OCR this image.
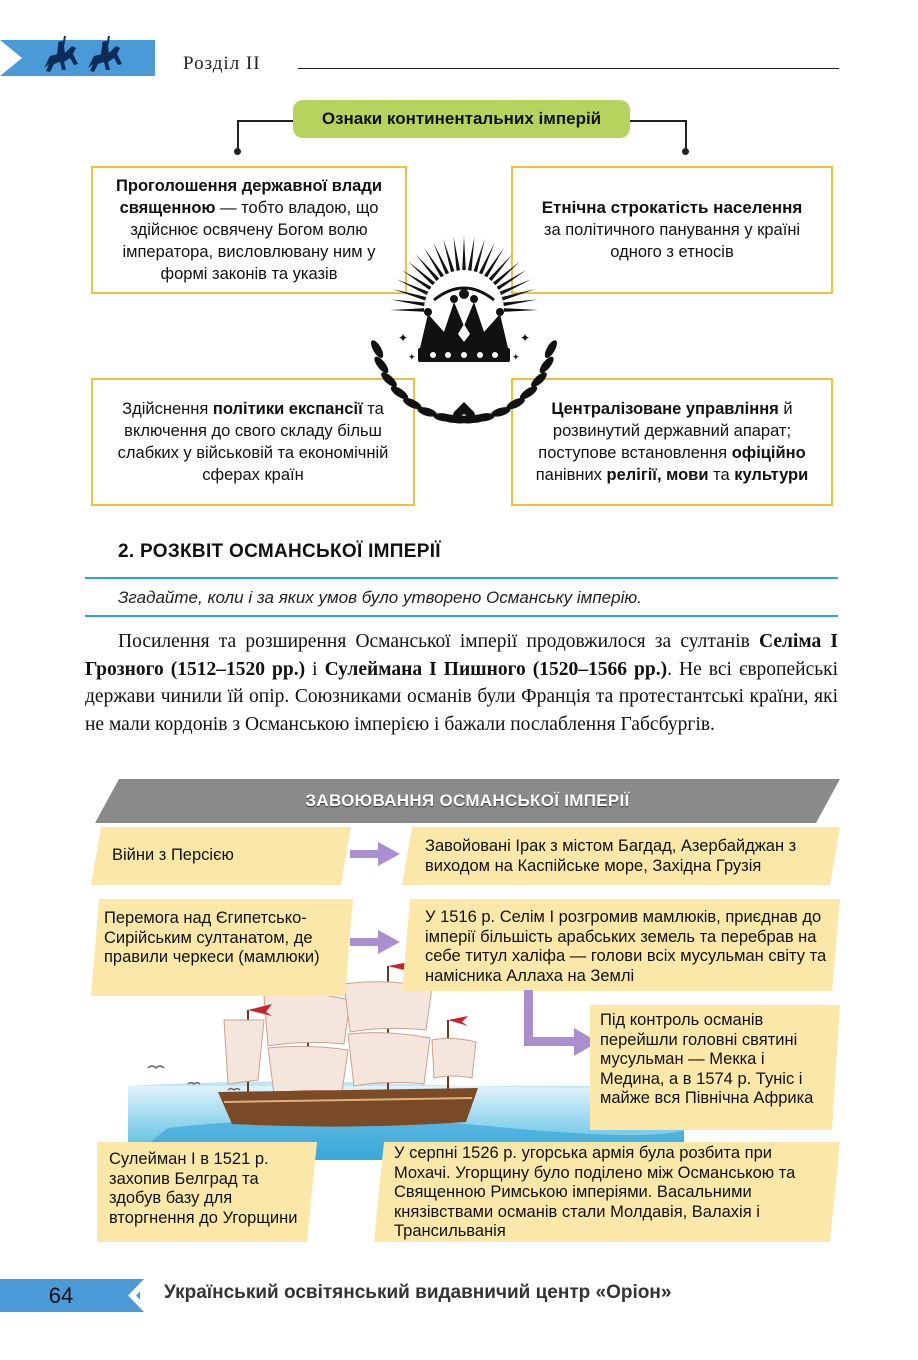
Розділ II
Ознаки континентальних імперій
Проголошення державної влади священною — тобто владою, що здійснює освячену Богом волю імператора, висловлювану ним у формі законів та указів
Етнічна строкатість населення
за політичного панування у країні одного з етносів
Здійснення політики експансії та включення до свого складу більш слабких у військовій та економічній сферах країн
Централізоване управління й розвинутий державний апарат; поступове встановлення офіційно панівних релігії, мови та культури
✦	✦
✦	✦
2. РОЗКВІТ ОСМАНСЬКОЇ ІМПЕРІЇ
Згадайте, коли і за яких умов було утворено Османську імперію.

Посилення та розширення Османської імперії продовжилося за султанів Селіма I Грозного (1512–1520 рр.) і Сулеймана I Пишного (1520–1566 рр.). Не всі європейські держави чинили їй опір. Союзниками османів були Франція та протестантські країни, які не мали кордонів з Османською імперією і бажали послаблення Габсбургів.

ЗАВОЮВАННЯ ОСМАНСЬКОЇ ІМПЕРІЇ
Війни з Персією	Завойовані Ірак з містом Багдад, Азербайджан з виходом на Каспійське море, Західна Грузія
Перемога над Єгипетсько-Сирійським султанатом, де правили черкеси (мамлюки)
У 1516 р. Селім I розгромив мамлюків, приєднав до імперії більшість арабських земель та перебрав на себе титул халіфа — голови всіх мусульман світу та намісника Аллаха на Землі
Під контроль османів перейшли головні святині мусульман — Мекка і Медина, а в 1574 р. Туніс і майже вся Північна Африка
Сулейман I в 1521 р. захопив Белград та здобув базу для вторгнення до Угорщини
У серпні 1526 р. угорська армія була розбита при Мохачі. Угорщину було поділено між Османською та Священною Римською імперіями. Васальними князівствами османів стали Молдавія, Валахія і Трансильванія
64	Український освітянський видавничий центр «Оріон»
